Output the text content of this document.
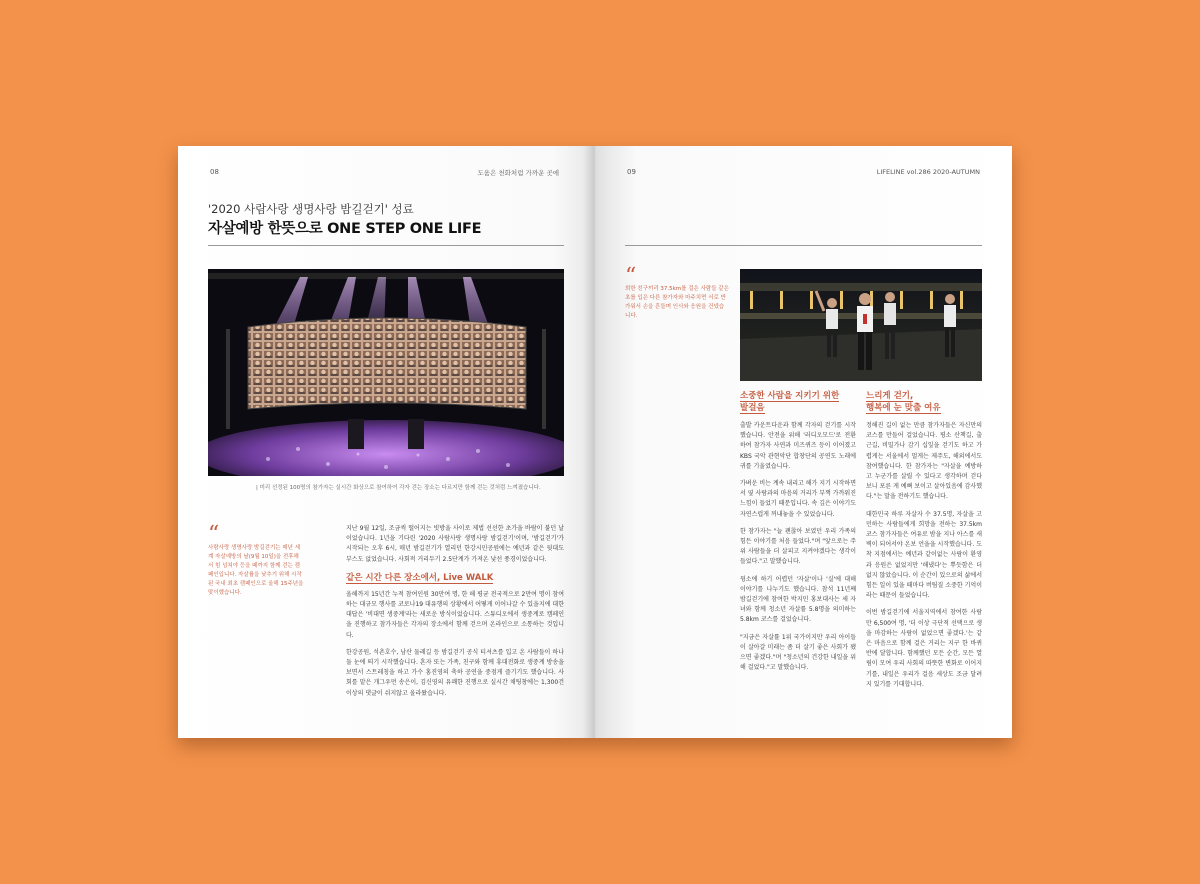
08	도움은 천화처럼 가까운 곳에
'2020 사람사랑 생명사랑 밤길걷기' 성료
자살예방 한뜻으로 ONE STEP ONE LIFE
| 미리 선정된 100명의 참가자는 실시간 화상으로 참여하여 각자 걷는 장소는 다르지만 함께 걷는 것처럼 느껴졌습니다.
“
사람사랑 생명사랑 밤길걷기는 매년 세계 자살예방의 날(9월 10일)을 전후해 서 힘 넘쳐야 등을 떼까지 함께 걷는 캠페인입니다. 자살률을 낮추기 위해 시작된 국내 최초 캠페인으로 올해 15주년을 맞이했습니다.

지난 9월 12일, 조금씩 떨어지는 빗방울 사이로 제법 선선한 초가을 바람이 불던 날이었습니다. 1년을 기다린 '2020 사람사랑 생명사랑 밤길걷기'이며, '밤길걷기'가 시작되는 오후 6시, 매년 밤길걷기가 열리던 한강시민공원에는 예년과 같은 뒷대도 부스도 없었습니다. 사회적 거리두기 2.5단계가 가져온 낯선 풍경이었습니다.

같은 시간 다른 장소에서, Live WALK

올해까지 15년간 누적 참여인원 30만여 명, 한 해 평균 전국적으로 2만여 명이 참여하는 대규모 행사를 코로나19 대유행의 상황에서 어떻게 이어나갈 수 있을지에 대한 대답은 '비대면 생중계'라는 새로운 방식이었습니다. 스튜디오에서 생중계로 캠페인을 진행하고 참가자들은 각자의 장소에서 함께 걷으며 온라인으로 소통하는 것입니다.

한강공원, 석촌호수, 남산 둘레길 등 밤길걷기 공식 티셔츠를 입고 온 사람들이 하나둘 눈에 띄기 시작했습니다. 혼자 또는 가족, 친구와 함께 휴대전화로 생중계 방송을 보면서 스트레칭을 하고 가수 홍진영의 축하 공연을 중점게 즐기기도 했습니다. 사회를 맡은 개그우먼 송은이, 김신영의 유쾌한 진행으로 실시간 채팅창에는 1,300건 이상의 댓글이 쉬지않고 올라왔습니다.

09	LIFELINE vol.286 2020-AUTUMN
“
희한 친구끼리 37.5km를 걸은 사람들 같은 초를 입은 다른 참가자와 마주치면 서로 반가워서 손을 흔들며 인사와 응원을 건넸습니다.
소중한 사람을 지키기 위한
발걸음

출발 카운트다운과 함께 각자의 걷기를 시작했습니다. 안전을 위해 '러디오모드'로 전환하여 참가자 사연과 미즈퀴즈 등이 이어졌고 KBS 국악 관현악단 합창단의 공연도 노래에 귀를 기울였습니다.

가벼운 비는 계속 내리고 해가 지기 시작하면서 옆 사람과의 마음의 거리가 부쩍 가까워진 느낌이 들었기 때문입니다. 속 깊은 이야기도 자연스럽게 꺼내놓을 수 있었습니다.

한 참가자는 "늘 괜찮아 보였던 우리 가족의 힘든 이야기를 처음 들었다."며 "앞으로는 주위 사람들을 더 살피고 지켜야겠다는 생각이 들었다."고 말했습니다.

뒹소에 하기 어렵던 '자살'이나 '실'에 대해 이야기를 나누기도 했습니다. 참석 11년째 밤길걷기에 참여한 박지민 홍보대사는 세 자녀와 함께 청소년 자살률 5.8명을 의미하는 5.8km 코스를 걸었습니다.

"지금은 자살률 1위 국가이지만 우리 아이들이 살아갈 미래는 좀 더 살기 좋은 사회가 됐으면 좋겠다."며 "청소년의 건강한 내일을 위해 걸었다."고 말했습니다.

느리게 걷기,
행복에 눈 맞출 여유

정해진 길이 없는 만큼 참가자들은 자신만의 코스를 만들어 걸었습니다. 평소 산책길, 출근길, 비밀가나 감기 십잎을 걷기도 하고 가렵게는 서울에서 멀게는 제주도, 해외에서도 참여했습니다. 한 참가자는 "자살을 예방하고 누군가를 살릴 수 있다고 생각하며 걷다 보니 포른 게 예뻐 보이고 살아있음에 감사했다."는 말을 전하기도 했습니다.

대한민국 하루 자살자 수 37.5명, 자살을 고민하는 사람들에게 희망을 전하는 37.5km 코스 참가자들은 여유로 밤을 지나 아스를 새벽이 되어서야 온보 언을을 시작했습니다. 도착 지점에서는 예년과 같이없는 사람이 환영과 응원은 없었지만 '해냈다'는 뿌듯함은 더없지 않았습니다. 이 순간이 있으로의 삶에서 힘든 일이 있을 때마다 버팀질 소중한 기억이라는 때문이 들었습니다.

이번 밤길걷기에 서울지역에서 참여한 사람만 6,500여 명, '더 이상 극단적 선택으로 생을 마감하는 사람이 없었으면 좋겠다.'는 같은 마음으로 함께 걸은 거리는 지구 한 바퀴 반에 달합니다. 함께했던 모든 순간, 모든 열림이 모여 우리 사회의 따뜻한 변화로 이어지기를, 내일은 우리가 걸음 세상도 조금 달려지 있기를 기대합니다.
